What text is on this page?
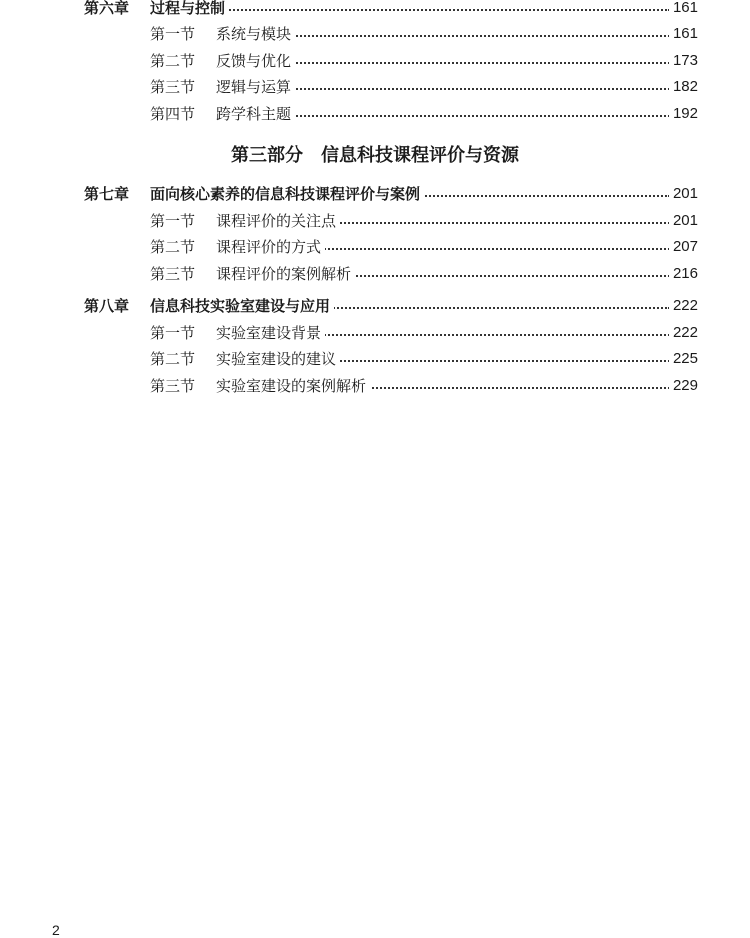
第六章 过程与控制	161
第一节 系统与模块	161
第二节 反馈与优化	173
第三节 逻辑与运算	182
第四节 跨学科主题	192
第三部分　信息科技课程评价与资源
第七章 面向核心素养的信息科技课程评价与案例	201
第一节 课程评价的关注点	201
第二节 课程评价的方式	207
第三节 课程评价的案例解析	216
第八章 信息科技实验室建设与应用	222
第一节 实验室建设背景	222
第二节 实验室建设的建议	225
第三节 实验室建设的案例解析	229
2
